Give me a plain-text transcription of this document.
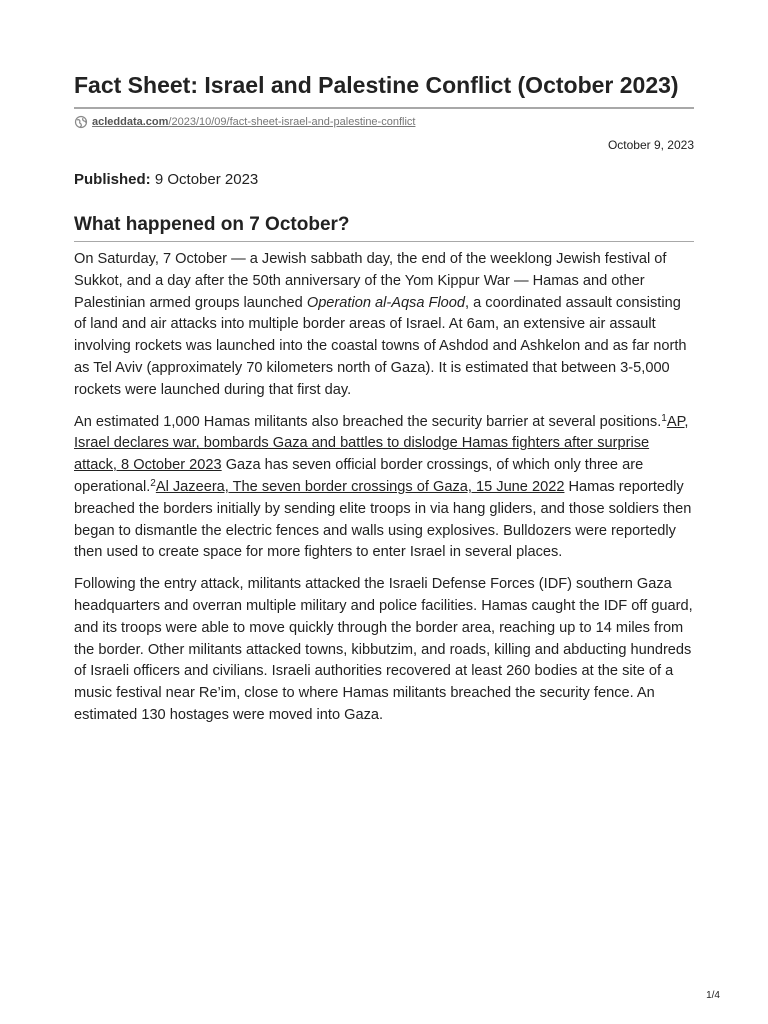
Fact Sheet: Israel and Palestine Conflict (October 2023)
acleddata.com/2023/10/09/fact-sheet-israel-and-palestine-conflict
October 9, 2023
Published: 9 October 2023
What happened on 7 October?

On Saturday, 7 October — a Jewish sabbath day, the end of the weeklong Jewish festival of Sukkot, and a day after the 50th anniversary of the Yom Kippur War — Hamas and other Palestinian armed groups launched Operation al-Aqsa Flood, a coordinated assault consisting of land and air attacks into multiple border areas of Israel. At 6am, an extensive air assault involving rockets was launched into the coastal towns of Ashdod and Ashkelon and as far north as Tel Aviv (approximately 70 kilometers north of Gaza). It is estimated that between 3-5,000 rockets were launched during that first day.

An estimated 1,000 Hamas militants also breached the security barrier at several positions.$^1$AP, Israel declares war, bombards Gaza and battles to dislodge Hamas fighters after surprise attack, 8 October 2023 Gaza has seven official border crossings, of which only three are operational.$^2$Al Jazeera, The seven border crossings of Gaza, 15 June 2022 Hamas reportedly breached the borders initially by sending elite troops in via hang gliders, and those soldiers then began to dismantle the electric fences and walls using explosives. Bulldozers were reportedly then used to create space for more fighters to enter Israel in several places.

Following the entry attack, militants attacked the Israeli Defense Forces (IDF) southern Gaza headquarters and overran multiple military and police facilities. Hamas caught the IDF off guard, and its troops were able to move quickly through the border area, reaching up to 14 miles from the border. Other militants attacked towns, kibbutzim, and roads, killing and abducting hundreds of Israeli officers and civilians. Israeli authorities recovered at least 260 bodies at the site of a music festival near Re’im, close to where Hamas militants breached the security fence. An estimated 130 hostages were moved into Gaza.

1/4
